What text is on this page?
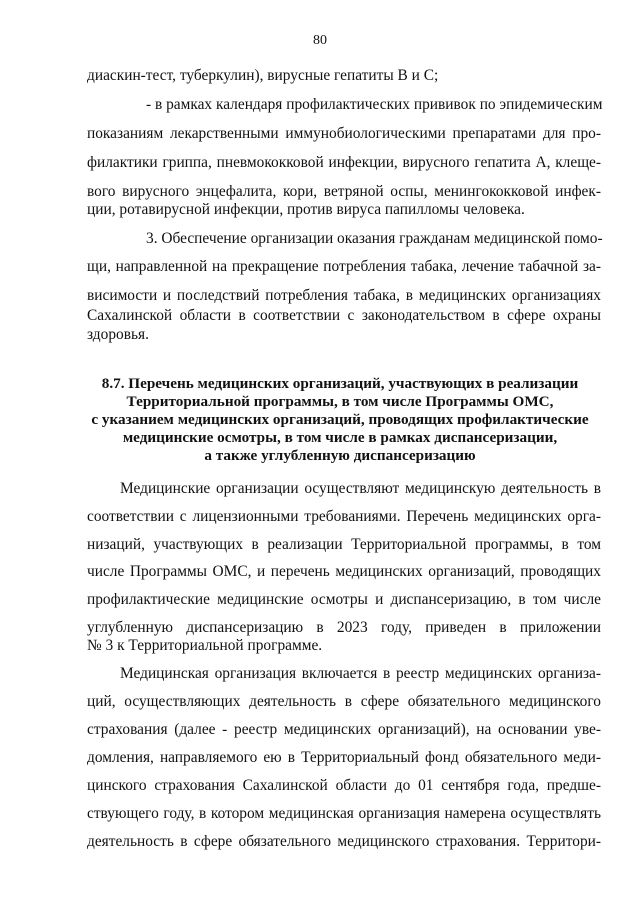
80
диаскин-тест, туберкулин), вирусные гепатиты В и С;
- в рамках календаря профилактических прививок по эпидемическим
показаниям лекарственными иммунобиологическими препаратами для про-
филактики гриппа, пневмококковой инфекции, вирусного гепатита А, клеще-
вого вирусного энцефалита, кори, ветряной оспы, менингококковой инфек-
ции, ротавирусной инфекции, против вируса папилломы человека.
3. Обеспечение организации оказания гражданам медицинской помо-
щи, направленной на прекращение потребления табака, лечение табачной за-
висимости и последствий потребления табака, в медицинских организациях
Сахалинской области в соответствии с законодательством в сфере охраны
здоровья.
8.7. Перечень медицинских организаций, участвующих в реализации
Территориальной программы, в том числе Программы ОМС,
с указанием медицинских организаций, проводящих профилактические
медицинские осмотры, в том числе в рамках диспансеризации,
а также углубленную диспансеризацию
Медицинские организации осуществляют медицинскую деятельность в
соответствии с лицензионными требованиями. Перечень медицинских орга-
низаций, участвующих в реализации Территориальной программы, в том
числе Программы ОМС, и перечень медицинских организаций, проводящих
профилактические медицинские осмотры и диспансеризацию, в том числе
углубленную диспансеризацию в 2023 году, приведен в приложении
№ 3 к Территориальной программе.
Медицинская организация включается в реестр медицинских организа-
ций, осуществляющих деятельность в сфере обязательного медицинского
страхования (далее - реестр медицинских организаций), на основании уве-
домления, направляемого ею в Территориальный фонд обязательного меди-
цинского страхования Сахалинской области до 01 сентября года, предше-
ствующего году, в котором медицинская организация намерена осуществлять
деятельность в сфере обязательного медицинского страхования. Территори-
